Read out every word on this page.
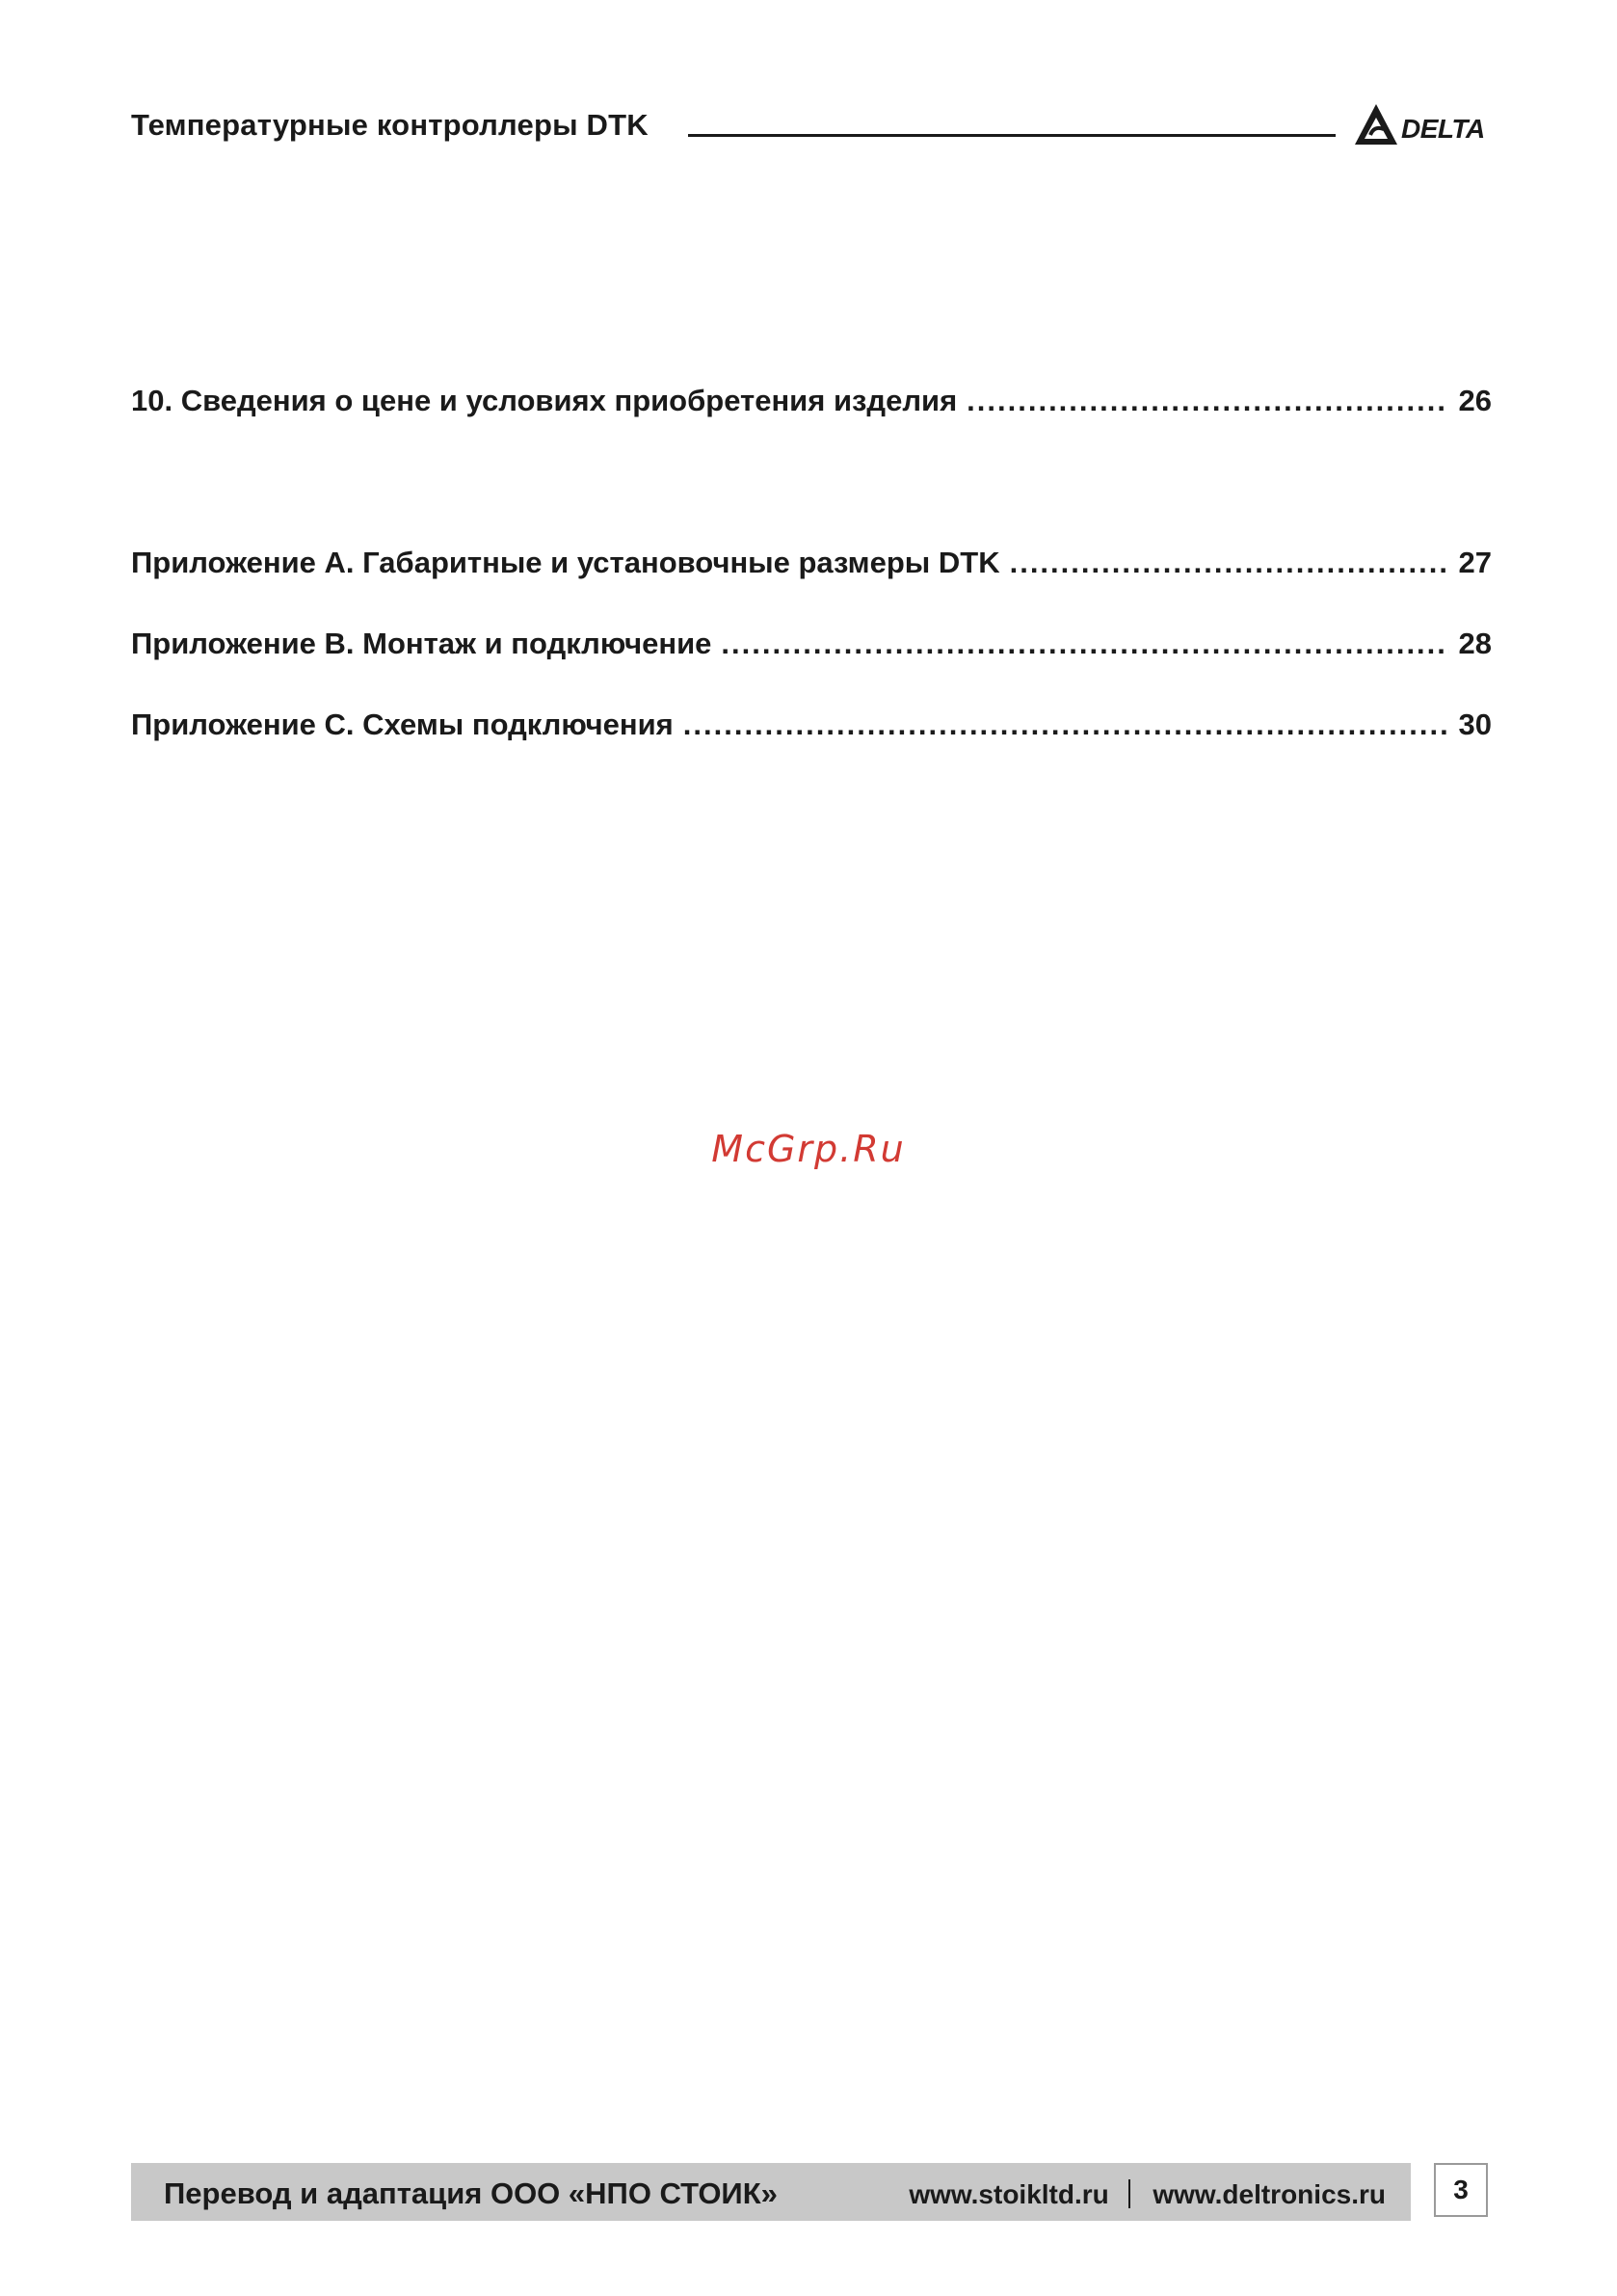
Температурные контроллеры DTK	DELTA
10. Сведения о цене и условиях приобретения изделия .....	26
Приложение A. Габаритные и установочные размеры DTK .....	27
Приложение B. Монтаж и подключение .....	28
Приложение C. Схемы подключения .....	30
McGrp.Ru
Перевод и адаптация ООО «НПО СТОИК»	www.stoikltd.ru www.deltronics.ru	3
